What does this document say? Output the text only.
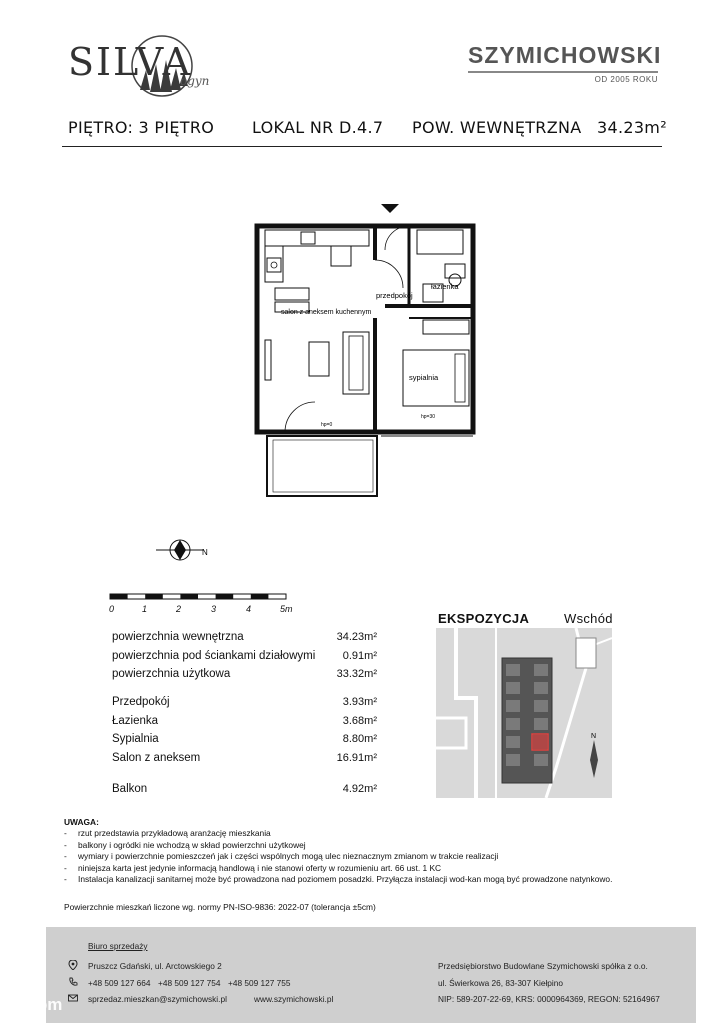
SILVA
ogyn
SZYMICHOWSKI
OD 2005 ROKU
PIĘTRO: 3 PIĘTRO LOKAL NR D.4.7 POW. WEWNĘTRZNA 34.23m²
salon z aneksem kuchennym
przedpokój
łazienka
sypialnia
hp=0
hp=30
N
0	1	2	3	4	5m
powierzchnia wewnętrzna	34.23m²
powierzchnia pod ściankami działowymi 0.91m²
powierzchnia użytkowa	33.32m²
Przedpokój	3.93m²
Łazienka	3.68m²
Sypialnia	8.80m²
Salon z aneksem	16.91m²
Balkon	4.92m²
EKSPOZYCJA	Wschód
N
UWAGA:
-	rzut przedstawia przykładową aranżację mieszkania
-	balkony i ogródki nie wchodzą w skład powierzchni użytkowej
-	wymiary i powierzchnie pomieszczeń jak i części wspólnych mogą ulec nieznacznym zmianom w trakcie realizacji
-	niniejsza karta jest jedynie informacją handlową i nie stanowi oferty w rozumieniu art. 66 ust. 1 KC
-	Instalacja kanalizacji sanitarnej może być prowadzona nad poziomem posadzki. Przyłącza instalacji wod-kan mogą być prowadzone natynkowo.
Powierzchnie mieszkań liczone wg. normy PN-ISO-9836: 2022-07 (tolerancja ±5cm)
Biuro sprzedaży
Pruszcz Gdański, ul. Arctowskiego 2
+48 509 127 664 +48 509 127 754 +48 509 127 755
sprzedaz.mieszkan@szymichowski.pl	www.szymichowski.pl
Przedsiębiorstwo Budowlane Szymichowski spółka z o.o.
ul. Świerkowa 26, 83-307 Kiełpino
NIP: 589-207-22-69, KRS: 0000964369, REGON: 52164967
otodom
